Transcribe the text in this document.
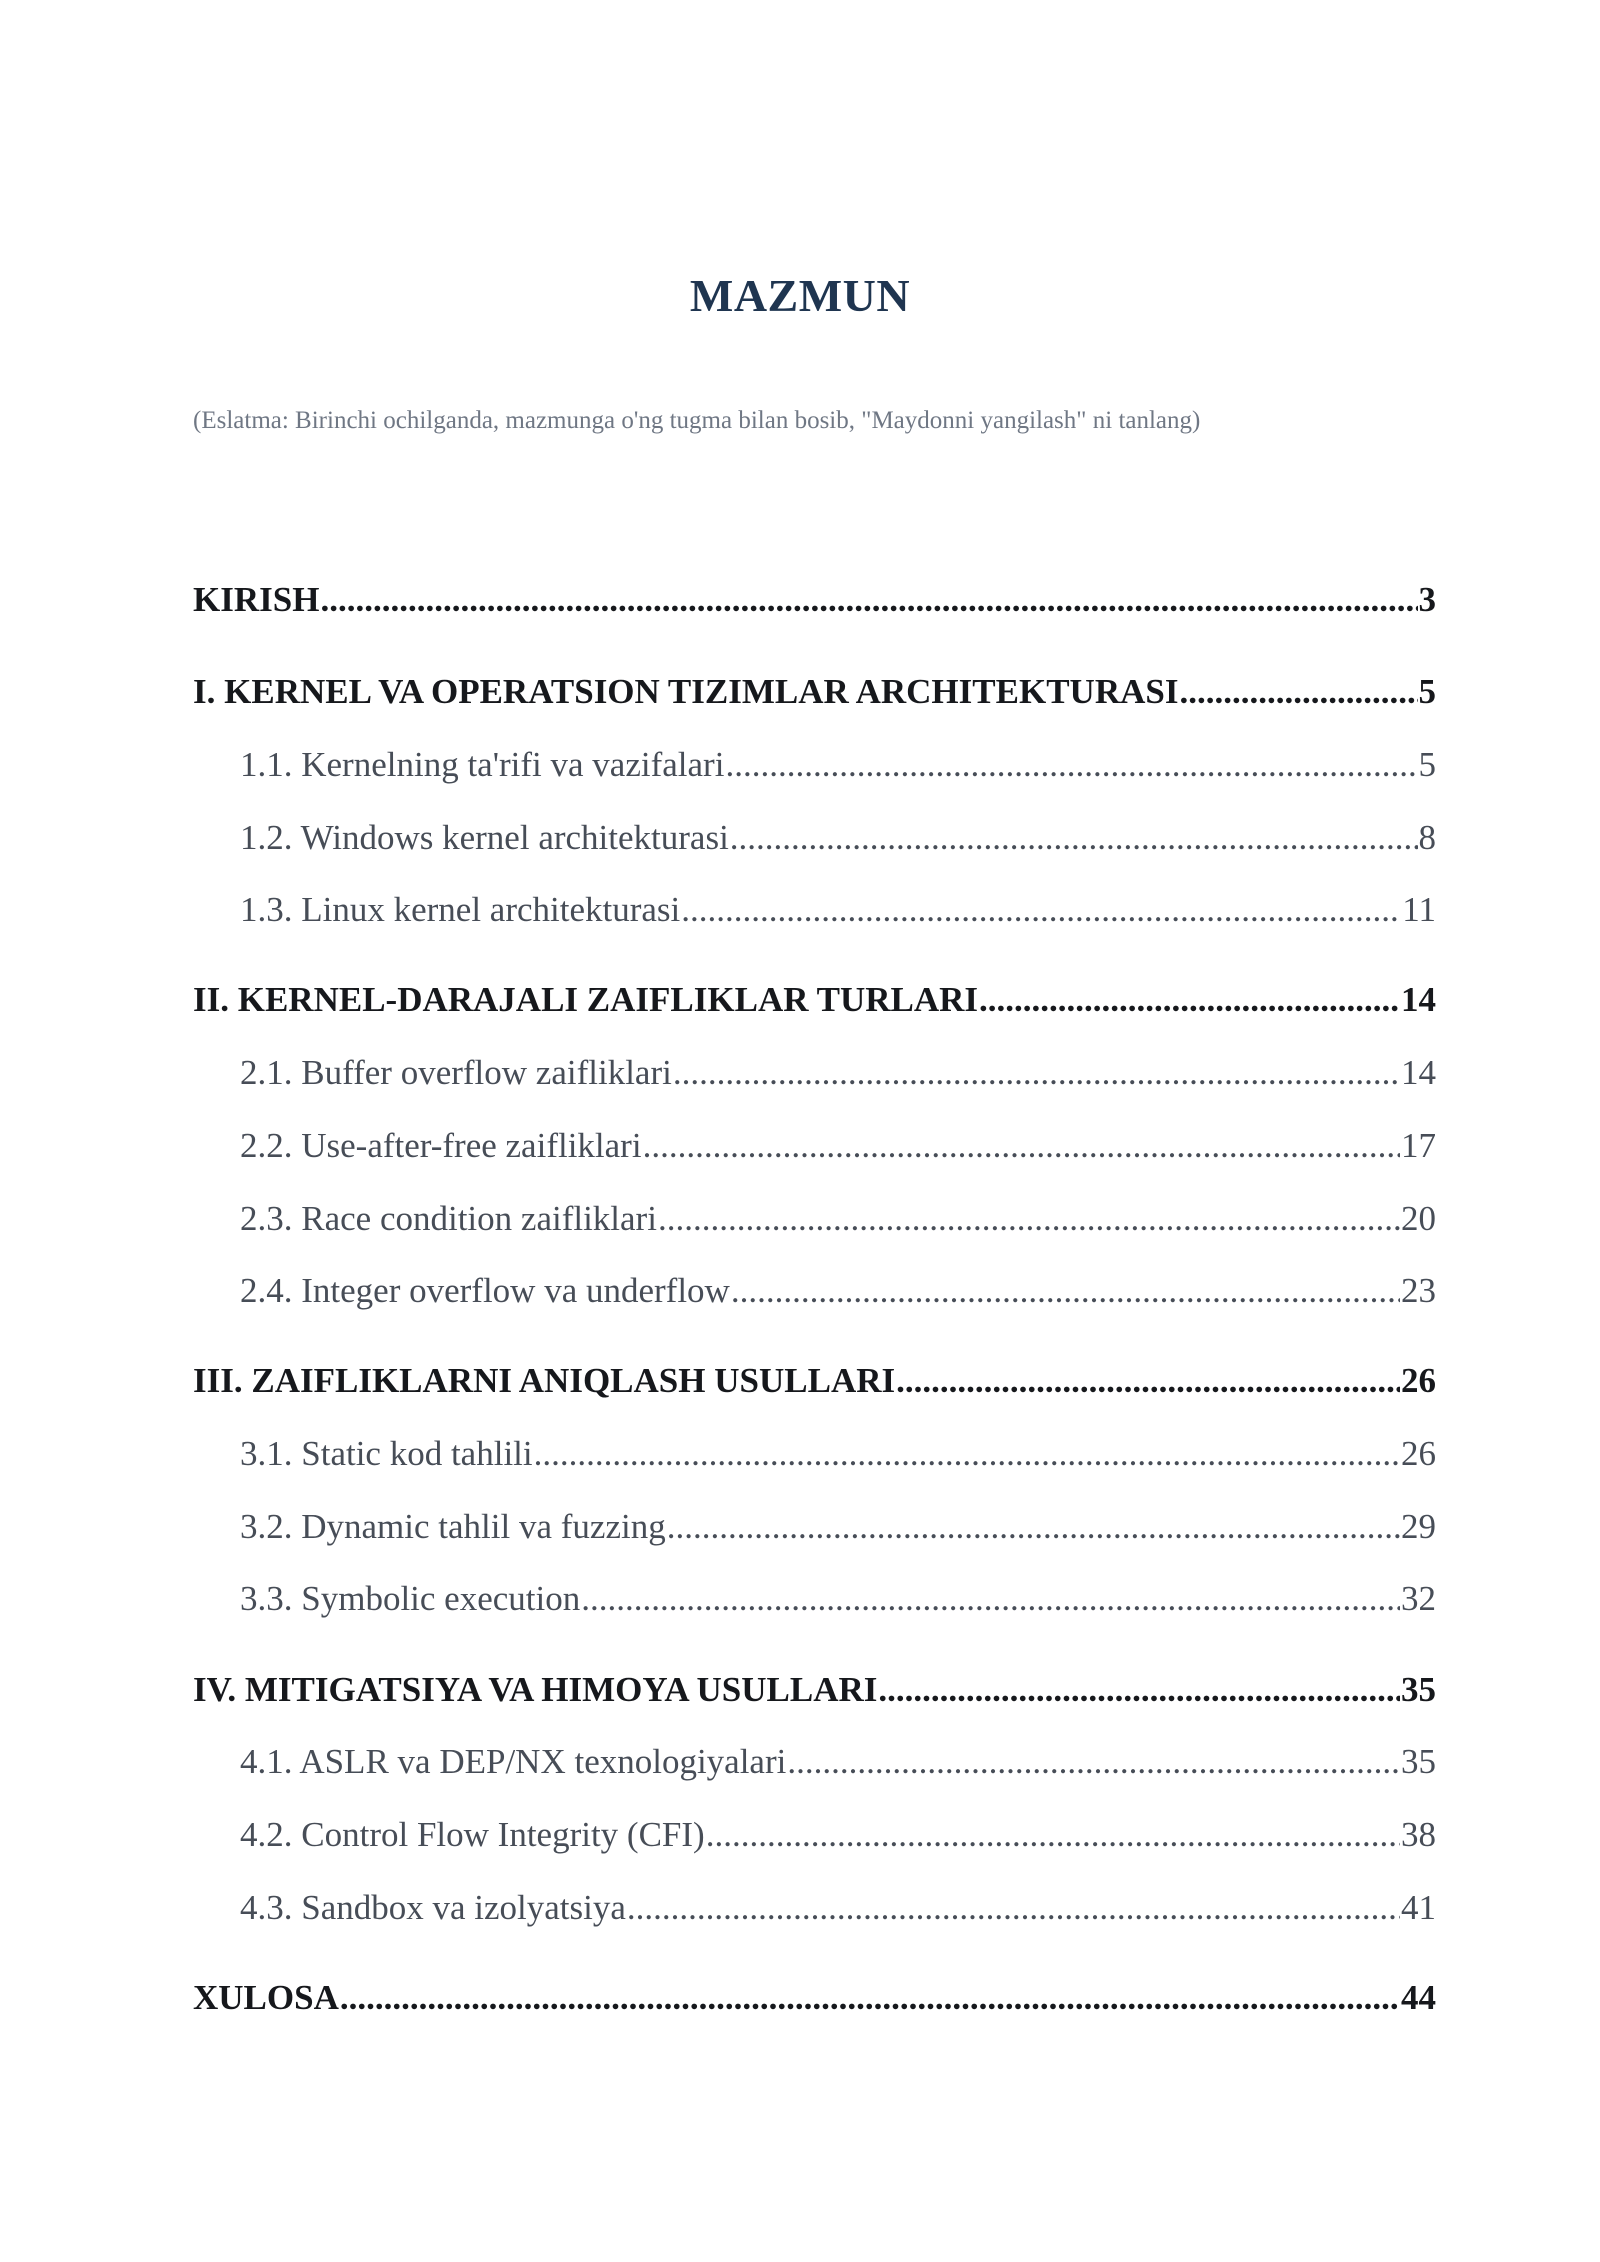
MAZMUN
(Eslatma: Birinchi ochilganda, mazmunga o'ng tugma bilan bosib, "Maydonni yangilash" ni tanlang)
KIRISH .....	3
I. KERNEL VA OPERATSION TIZIMLAR ARCHITEKTURASI .....	5
1.1. Kernelning ta'rifi va vazifalari .....	5
1.2. Windows kernel architekturasi .....	8
1.3. Linux kernel architekturasi .....	11
II. KERNEL-DARAJALI ZAIFLIKLAR TURLARI .....	14
2.1. Buffer overflow zaifliklari .....	14
2.2. Use-after-free zaifliklari .....	17
2.3. Race condition zaifliklari .....	20
2.4. Integer overflow va underflow .....	23
III. ZAIFLIKLARNI ANIQLASH USULLARI .....	26
3.1. Static kod tahlili .....	26
3.2. Dynamic tahlil va fuzzing .....	29
3.3. Symbolic execution .....	32
IV. MITIGATSIYA VA HIMOYA USULLARI .....	35
4.1. ASLR va DEP/NX texnologiyalari .....	35
4.2. Control Flow Integrity (CFI) .....	38
4.3. Sandbox va izolyatsiya .....	41
XULOSA .....	44
